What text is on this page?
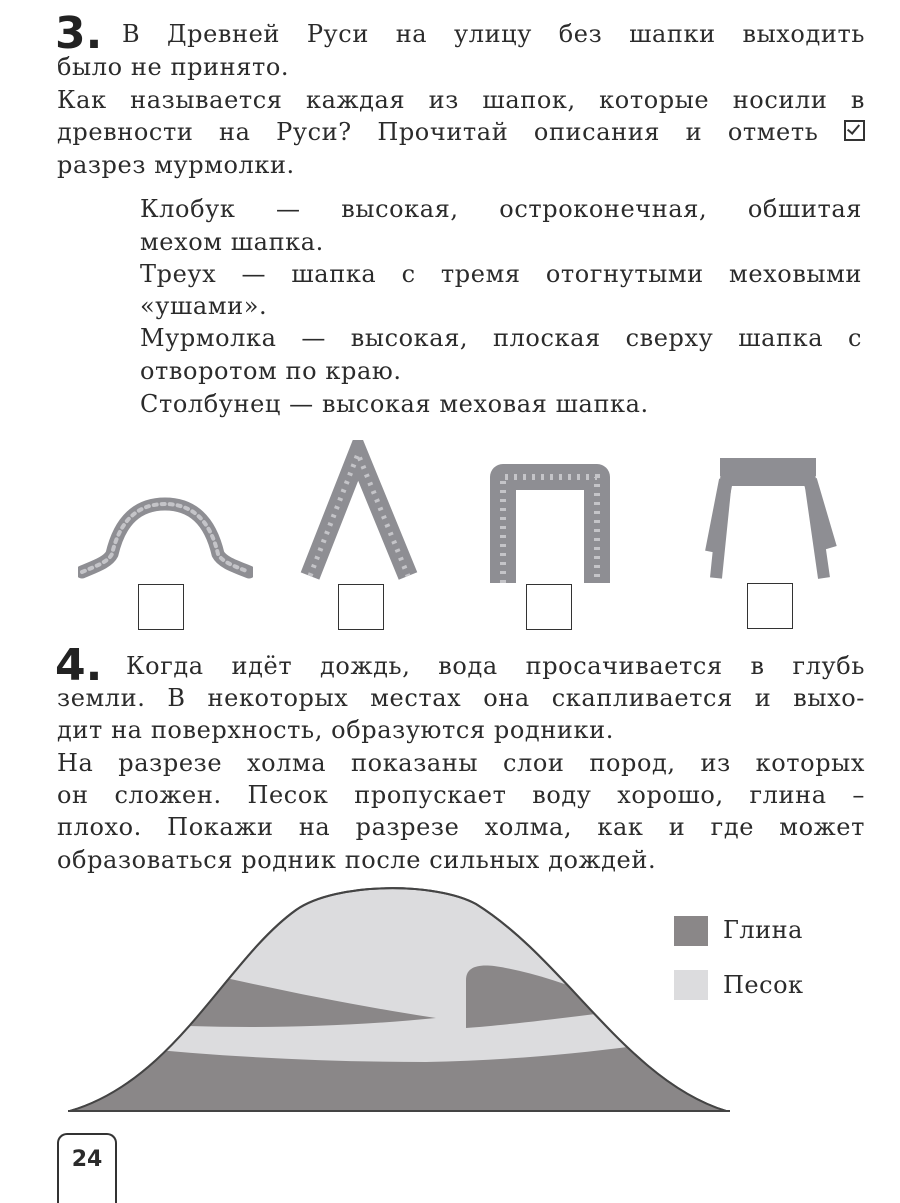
3. В Древней Руси на улицу без шапки выходить
было не принято.
Как называется каждая из шапок, которые носили в
древности на Руси? Прочитай описания и отметь
разрез мурмолки.
Клобук — высокая, остроконечная, обшитая
мехом шапка.
Треух — шапка с тремя отогнутыми меховыми
«ушами».
Мурмолка — высокая, плоская сверху шапка с
отворотом по краю.
Столбунец — высокая меховая шапка.
4. Когда идёт дождь, вода просачивается в глубь
земли. В некоторых местах она скапливается и выхо-
дит на поверхность, образуются родники.
На разрезе холма показаны слои пород, из которых
он сложен. Песок пропускает воду хорошо, глина –
плохо. Покажи на разрезе холма, как и где может
образоваться родник после сильных дождей.
Глина
Песок
24
